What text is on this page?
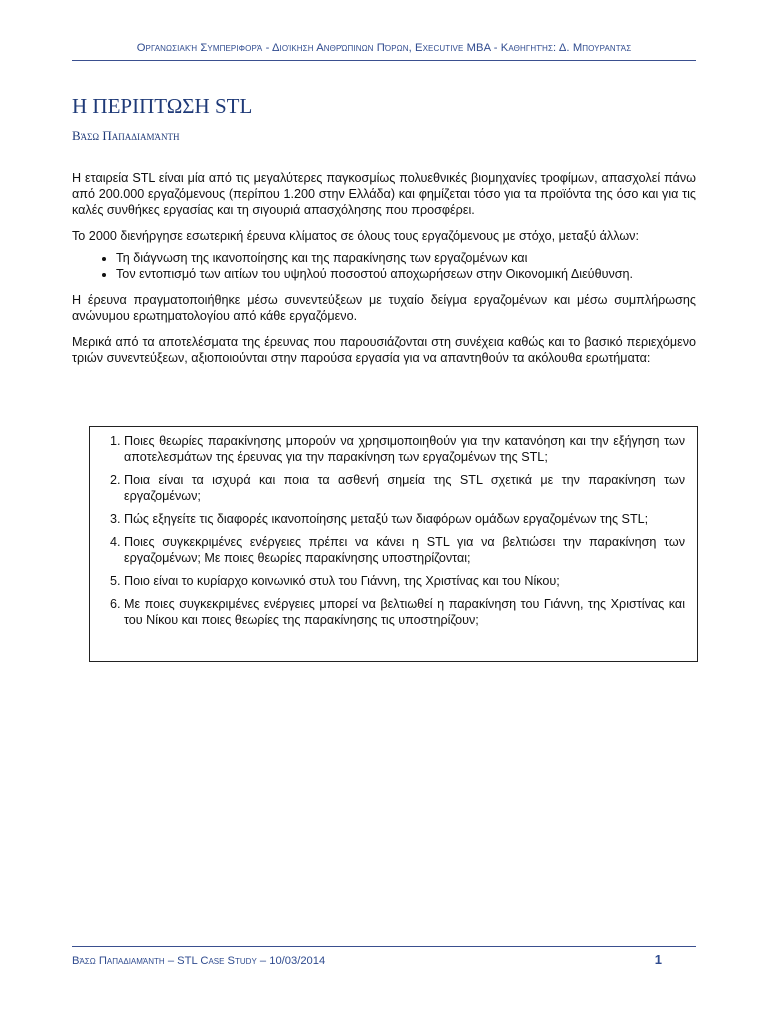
Οργανωσιακή Συμπεριφορά - Διοίκηση Ανθρώπινων Πόρων, Executive MBA - Καθηγητής: Δ. Μπουραντάς
Η ΠΕΡΙΠΤΩΣΗ STL
Βάσω Παπαδιαμάντη

Η εταιρεία STL είναι μία από τις μεγαλύτερες παγκοσμίως πολυεθνικές βιομηχανίες τροφίμων, απασχολεί πάνω από 200.000 εργαζόμενους (περίπου 1.200 στην Ελλάδα) και φημίζεται τόσο για τα προϊόντα της όσο και για τις καλές συνθήκες εργασίας και τη σιγουριά απασχόλησης που προσφέρει.

Το 2000 διενήργησε εσωτερική έρευνα κλίματος σε όλους τους εργαζόμενους με στόχο, μεταξύ άλλων:

• Τη διάγνωση της ικανοποίησης και της παρακίνησης των εργαζομένων και
• Τον εντοπισμό των αιτίων του υψηλού ποσοστού αποχωρήσεων στην Οικονομική Διεύθυνση.

Η έρευνα πραγματοποιήθηκε μέσω συνεντεύξεων με τυχαίο δείγμα εργαζομένων και μέσω συμπλήρωσης ανώνυμου ερωτηματολογίου από κάθε εργαζόμενο.

Μερικά από τα αποτελέσματα της έρευνας που παρουσιάζονται στη συνέχεια καθώς και το βασικό περιεχόμενο τριών συνεντεύξεων, αξιοποιούνται στην παρούσα εργασία για να απαντηθούν τα ακόλουθα ερωτήματα:

1. Ποιες θεωρίες παρακίνησης μπορούν να χρησιμοποιηθούν για την κατανόηση και την εξήγηση των αποτελεσμάτων της έρευνας για την παρακίνηση των εργαζομένων της STL;
2. Ποια είναι τα ισχυρά και ποια τα ασθενή σημεία της STL σχετικά με την παρακίνηση των εργαζομένων;
3. Πώς εξηγείτε τις διαφορές ικανοποίησης μεταξύ των διαφόρων ομάδων εργαζομένων της STL;
4. Ποιες συγκεκριμένες ενέργειες πρέπει να κάνει η STL για να βελτιώσει την παρακίνηση των εργαζομένων; Με ποιες θεωρίες παρακίνησης υποστηρίζονται;
5. Ποιο είναι το κυρίαρχο κοινωνικό στυλ του Γιάννη, της Χριστίνας και του Νίκου;
6. Με ποιες συγκεκριμένες ενέργειες μπορεί να βελτιωθεί η παρακίνηση του Γιάννη, της Χριστίνας και του Νίκου και ποιες θεωρίες της παρακίνησης τις υποστηρίζουν;
Βάσω Παπαδιαμάντη – STL Case Study – 10/03/2014	1
